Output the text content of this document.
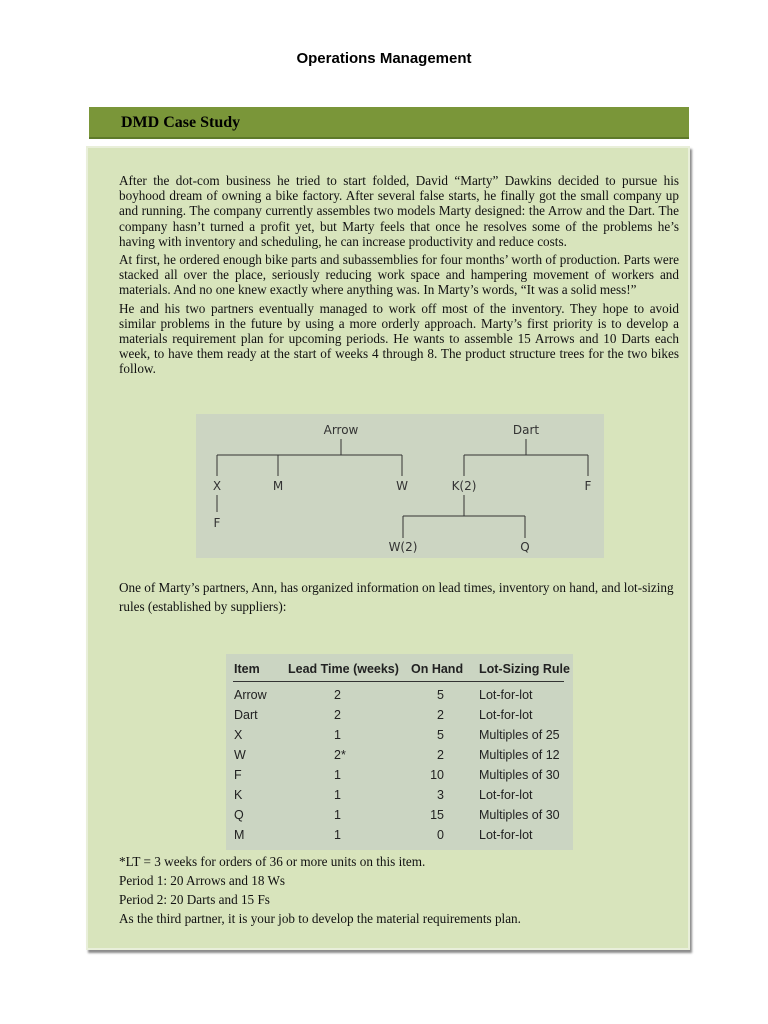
Operations Management
DMD Case Study

After the dot-com business he tried to start folded, David “Marty” Dawkins decided to pursue his boyhood dream of owning a bike factory. After several false starts, he finally got the small company up and running. The company currently assembles two models Marty designed: the Arrow and the Dart. The company hasn’t turned a profit yet, but Marty feels that once he resolves some of the problems he’s having with inventory and scheduling, he can increase productivity and reduce costs.

At first, he ordered enough bike parts and subassemblies for four months’ worth of production. Parts were stacked all over the place, seriously reducing work space and hampering movement of workers and materials. And no one knew exactly where anything was. In Marty’s words, “It was a solid mess!”

He and his two partners eventually managed to work off most of the inventory. They hope to avoid similar problems in the future by using a more orderly approach. Marty’s first priority is to develop a materials requirement plan for upcoming periods. He wants to assemble 15 Arrows and 10 Darts each week, to have them ready at the start of weeks 4 through 8. The product structure trees for the two bikes follow.

Arrow
X	M	W
F
Dart
K(2)	F
W(2)	Q
One of Marty’s partners, Ann, has organized information on lead times, inventory on hand, and lot-sizing rules (established by suppliers):
Item Lead Time (weeks) On Hand Lot-Sizing Rule
Arrow	2	5	Lot-for-lot
Dart	2	2	Lot-for-lot
X	1	5	Multiples of 25
W	2*	2	Multiples of 12
F	1	10	Multiples of 30
K	1	3	Lot-for-lot
Q	1	15	Multiples of 30
M	1	0	Lot-for-lot
*LT = 3 weeks for orders of 36 or more units on this item.
Period 1: 20 Arrows and 18 Ws
Period 2: 20 Darts and 15 Fs
As the third partner, it is your job to develop the material requirements plan.
